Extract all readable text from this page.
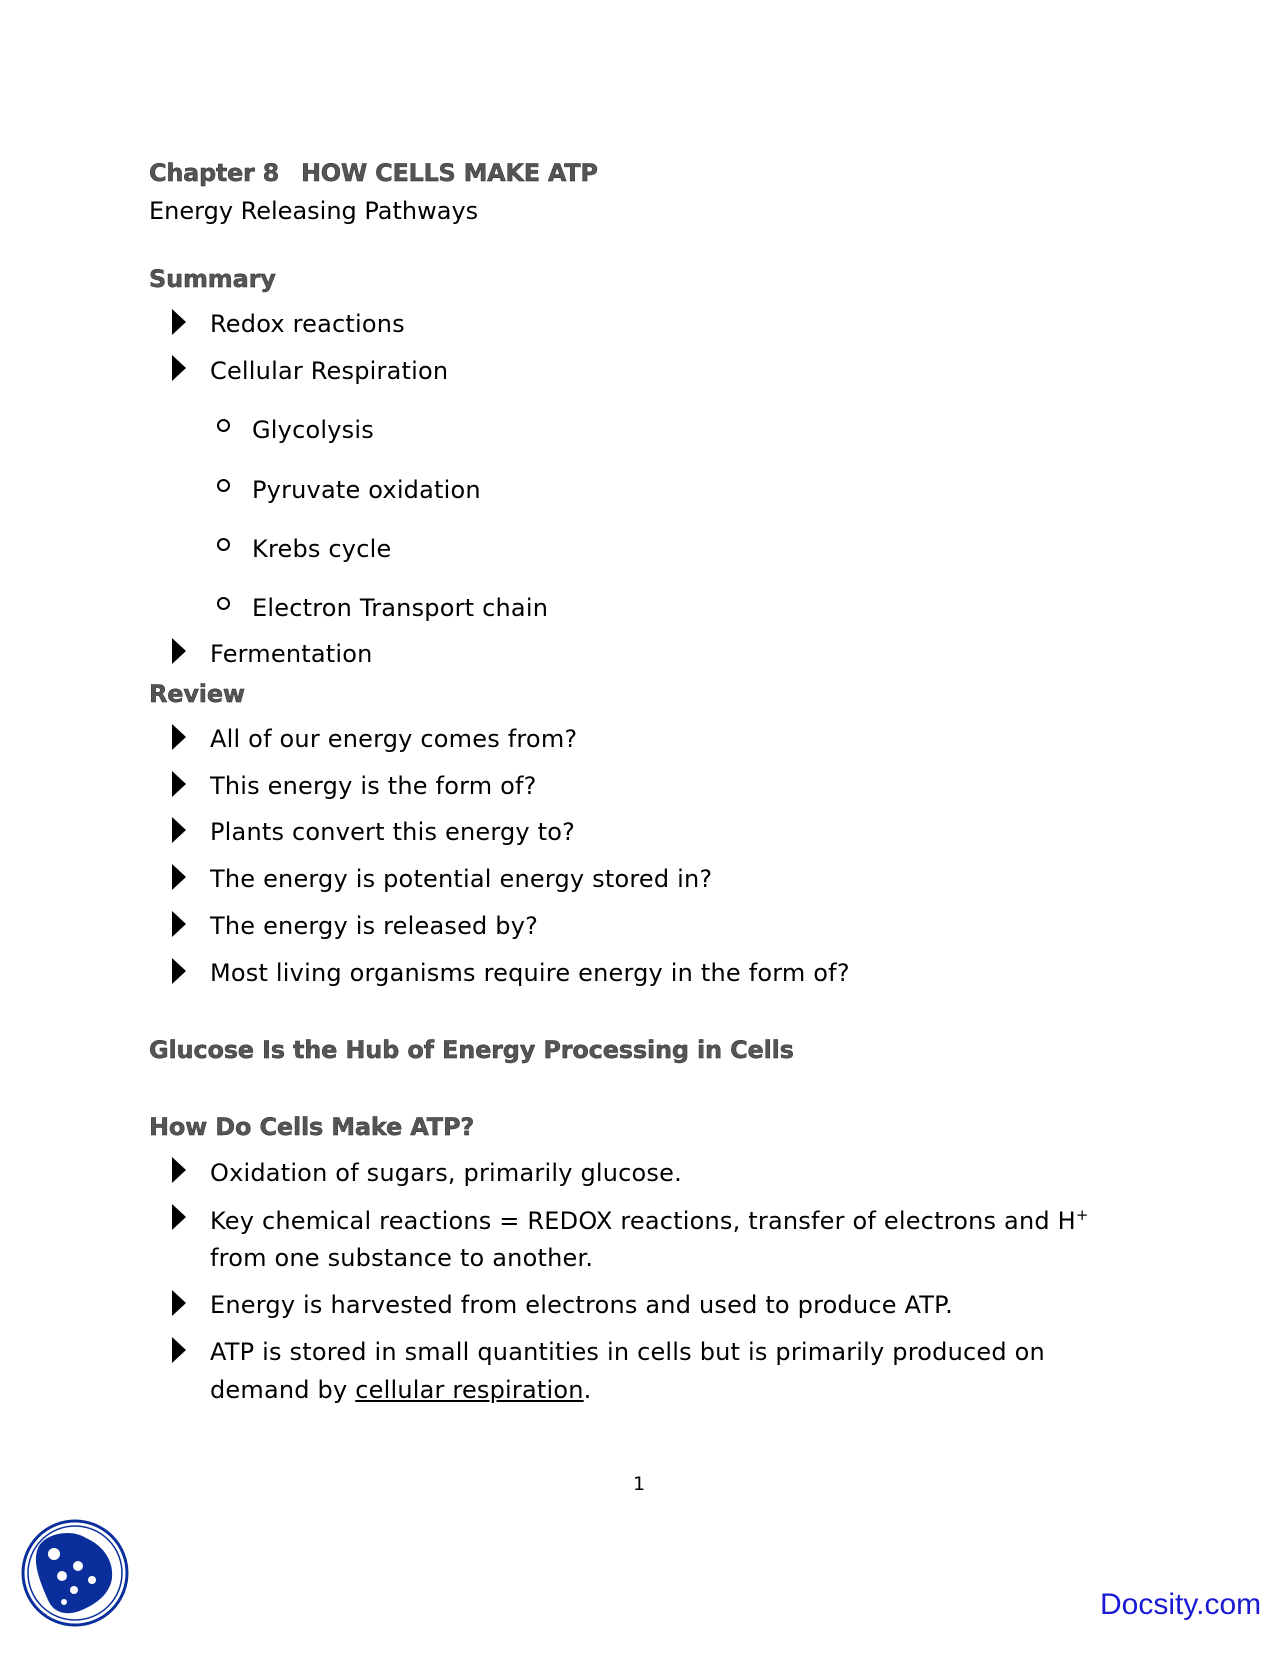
Chapter 8 HOW CELLS MAKE ATP
Energy Releasing Pathways
Summary
Redox reactions
Cellular Respiration
Glycolysis
Pyruvate oxidation
Krebs cycle
Electron Transport chain
Fermentation
Review
All of our energy comes from?
This energy is the form of?
Plants convert this energy to?
The energy is potential energy stored in?
The energy is released by?
Most living organisms require energy in the form of?
Glucose Is the Hub of Energy Processing in Cells
How Do Cells Make ATP?
Oxidation of sugars, primarily glucose.
Key chemical reactions = REDOX reactions, transfer of electrons and H+
from one substance to another.
Energy is harvested from electrons and used to produce ATP.
ATP is stored in small quantities in cells but is primarily produced on
demand by cellular respiration.
1
Docsity.com
